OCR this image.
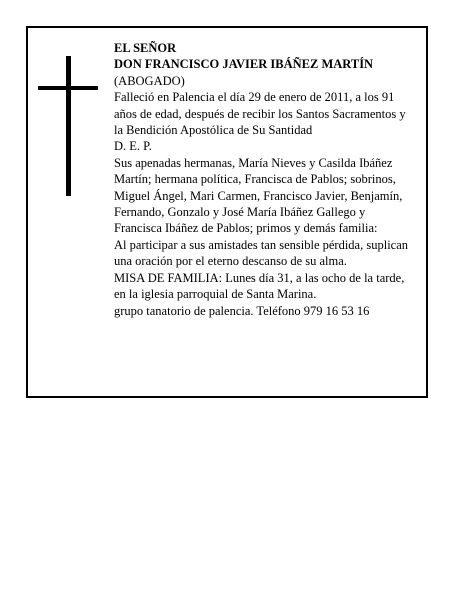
EL SEÑOR
DON FRANCISCO JAVIER IBÁÑEZ MARTÍN
(ABOGADO)
Falleció en Palencia el día 29 de enero de 2011, a los 91 años de edad, después de recibir los Santos Sacramentos y la Bendición Apostólica de Su Santidad
D. E. P.
Sus apenadas hermanas, María Nieves y Casilda Ibáñez Martín; hermana política, Francisca de Pablos; sobrinos, Miguel Ángel, Mari Carmen, Francisco Javier, Benjamín, Fernando, Gonzalo y José María Ibáñez Gallego y Francisca Ibáñez de Pablos; primos y demás familia:
Al participar a sus amistades tan sensible pérdida, suplican una oración por el eterno descanso de su alma.
MISA DE FAMILIA: Lunes día 31, a las ocho de la tarde, en la iglesia parroquial de Santa Marina.
grupo tanatorio de palencia. Teléfono 979 16 53 16
